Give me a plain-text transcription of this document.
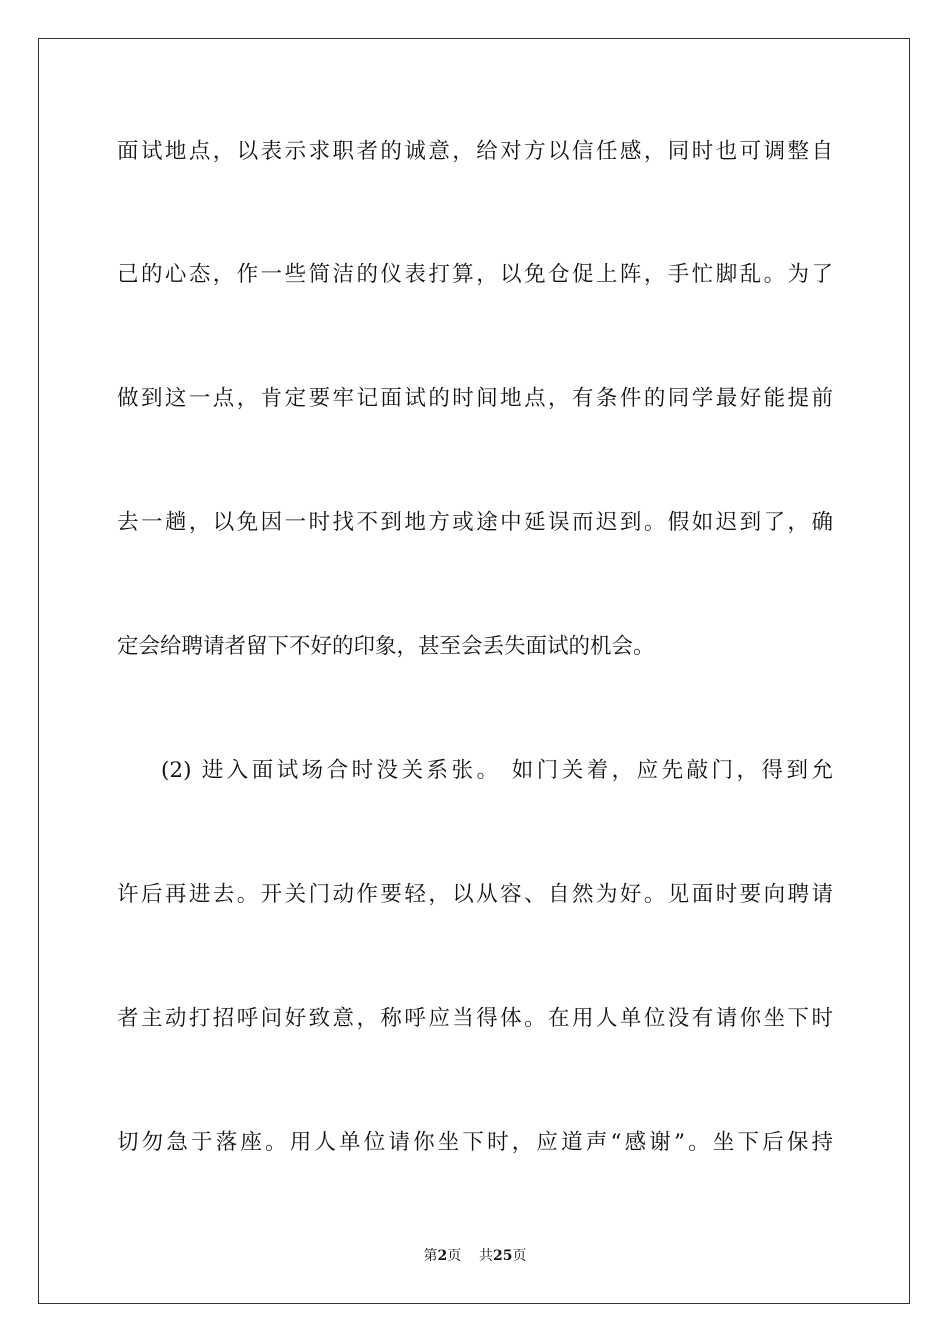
面试地点，以表示求职者的诚意，给对方以信任感，同时也可调整自
己的心态，作一些简洁的仪表打算，以免仓促上阵，手忙脚乱。为了
做到这一点，肯定要牢记面试的时间地点，有条件的同学最好能提前
去一趟，以免因一时找不到地方或途中延误而迟到。假如迟到了，确
定会给聘请者留下不好的印象，甚至会丢失面试的机会。
(2) 进入面试场合时没关系张。 如门关着，应先敲门，得到允
许后再进去。开关门动作要轻，以从容、自然为好。见面时要向聘请
者主动打招呼问好致意，称呼应当得体。在用人单位没有请你坐下时
切勿急于落座。用人单位请你坐下时，应道声“感谢”。坐下后保持
第2页 共25页
